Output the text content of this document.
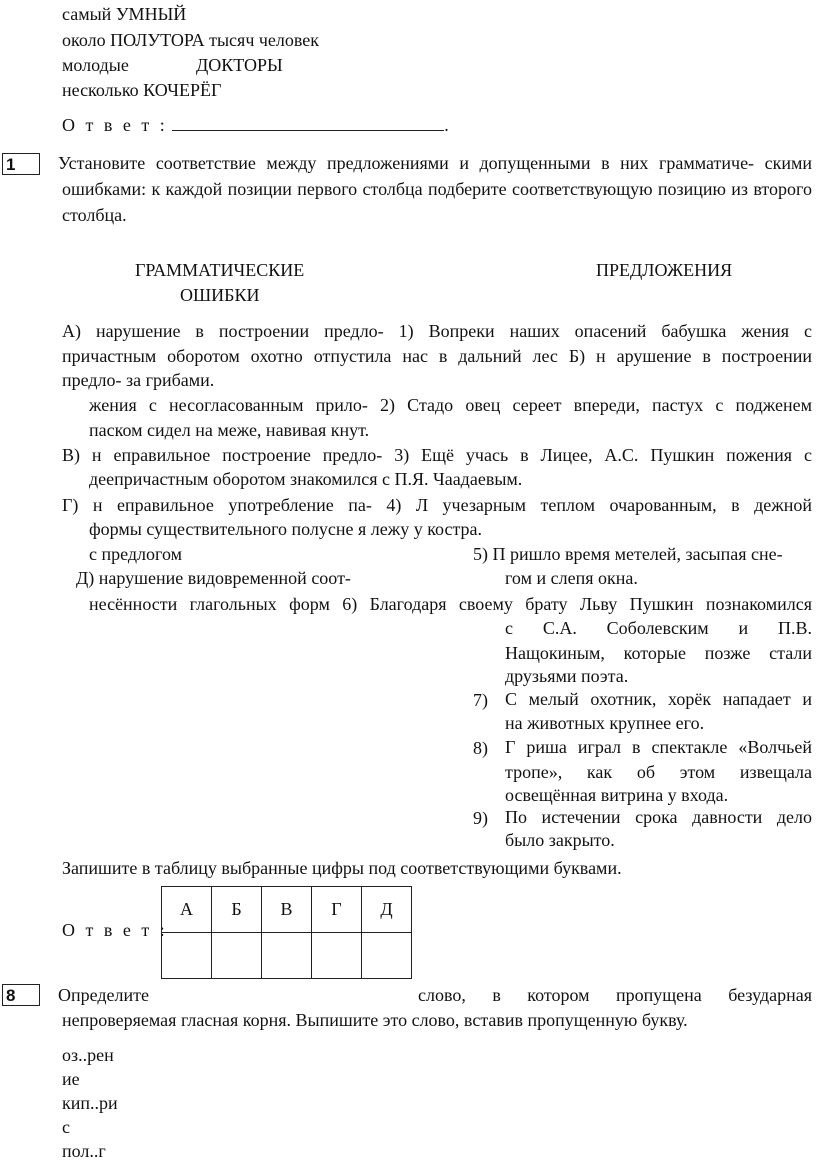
самый УМНЫЙ
около ПОЛУТОРА тысяч человек
молодые	ДОКТОРЫ
несколько КОЧЕРЁГ
О т в е т :	.
1	Установите соответствие между предложениями и допущенными в них грамматиче- скими ошибками: к каждой позиции первого столбца подберите соответствующую позицию из второго столбца.
ГРАММАТИЧЕСКИЕ
ОШИБКИ
ПРЕДЛОЖЕНИЯ
А) нарушение в построении предло- 1) Вопреки наших опасений бабушка жения с
причастным оборотом охотно отпустила нас в дальний лес Б) н арушение в построении
предло- за грибами.
жения с несогласованным прило- 2) Стадо овец сереет впереди, пастух с подженем
паском сидел на меже, навивая кнут.
В) н еправильное построение предло- 3) Ещё учась в Лицее, А.С. Пушкин пожения с
деепричастным оборотом знакомился с П.Я. Чаадаевым.
Г) н еправильное употребление па- 4) Л учезарным теплом очарованным, в дежной
формы существительного полусне я лежу у костра.
с предлогом	5) П ришло время метелей, засыпая сне-
Д) нарушение видовременной соот-	гом и слепя окна.
несённости глагольных форм 6) Благодаря своему брату Льву Пушкин познакомился
с С.А. Соболевским и П.В.
Нащокиным, которые позже стали
друзьями поэта.
7) С мелый охотник, хорёк нападает и
на животных крупнее его.
8) Г риша играл в спектакле «Волчьей
тропе», как об этом извещала
освещённая витрина у входа.
9) По истечении срока давности дело
было закрыто.
Запишите в таблицу выбранные цифры под соответствующими буквами.
О т в е т :
А	Б	В	Г	Д

8	Определите	слово, в котором пропущена безударная
непроверяемая гласная корня. Выпишите это слово, вставив пропущенную букву.
оз..рен
ие
кип..ри
с
пол..г
